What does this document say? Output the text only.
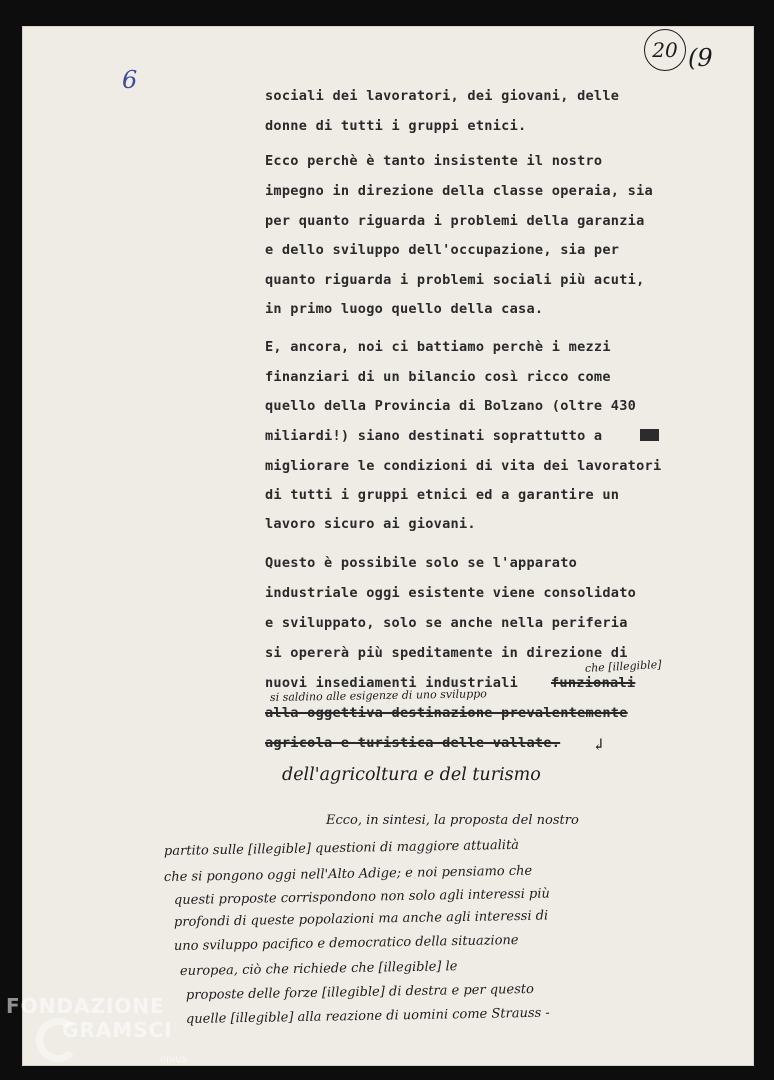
20 (9
6
sociali dei lavoratori, dei giovani, delle
donne di tutti i gruppi etnici.
Ecco perchè è tanto insistente il nostro
impegno in direzione della classe operaia, sia
per quanto riguarda i problemi della garanzia
e dello sviluppo dell'occupazione, sia per
quanto riguarda i problemi sociali più acuti,
in primo luogo quello della casa.
E, ancora, noi ci battiamo perchè i mezzi
finanziari di un bilancio così ricco come
quello della Provincia di Bolzano (oltre 430
miliardi!) siano destinati soprattutto a
migliorare le condizioni di vita dei lavoratori
di tutti i gruppi etnici ed a garantire un
lavoro sicuro ai giovani.
Questo è possibile solo se l'apparato
industriale oggi esistente viene consolidato
e sviluppato, solo se anche nella periferia
si opererà più speditamente in direzione di
nuovi insediamenti industriali	funzionali
alla oggettiva destinazione prevalentemente
agricola e turistica delle vallate.
che [illegible]
si saldino alle esigenze di uno sviluppo
↲
dell'agricoltura e del turismo
Ecco, in sintesi, la proposta del nostro
partito sulle [illegible] questioni di maggiore attualità
che si pongono oggi nell'Alto Adige; e noi pensiamo che
questi proposte corrispondono non solo agli interessi più
profondi di queste popolazioni ma anche agli interessi di
uno sviluppo pacifico e democratico della situazione
europea, ciò che richiede che [illegible] le
proposte delle forze [illegible] di destra e per questo
quelle [illegible] alla reazione di uomini come Strauss -
FONDAZIONE
GRAMSCI
onlus
